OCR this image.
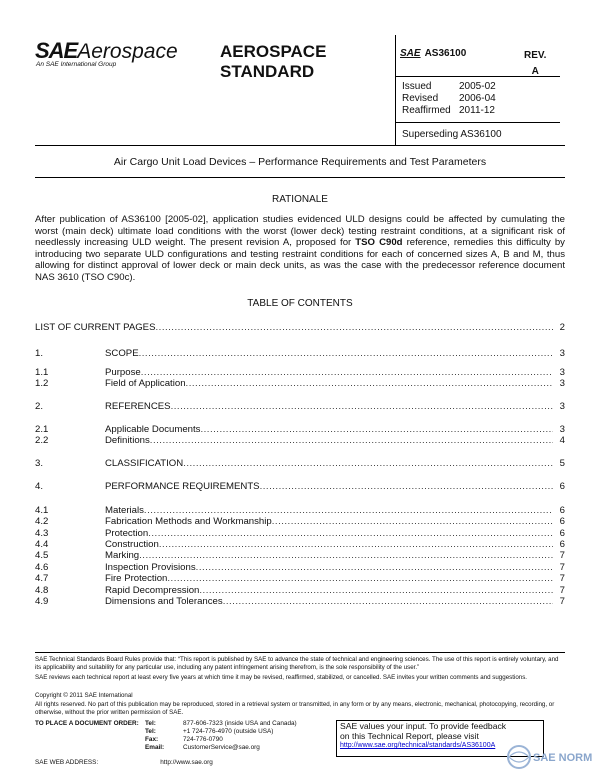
SAEAerospace
An SAE International Group
AEROSPACE
STANDARD
SAE AS36100	REV.
A
Issued	2005-02
Revised	2006-04
Reaffirmed 2011-12
Superseding AS36100
Air Cargo Unit Load Devices – Performance Requirements and Test Parameters
RATIONALE
After publication of AS36100 [2005-02], application studies evidenced ULD designs could be affected by cumulating the worst (main deck) ultimate load conditions with the worst (lower deck) testing restraint conditions, at a significant risk of needlessly increasing ULD weight. The present revision A, proposed for TSO C90d reference, remedies this difficulty by introducing two separate ULD configurations and testing restraint conditions for each of concerned sizes A, B and M, thus allowing for distinct approval of lower deck or main deck units, as was the case with the predecessor reference document NAS 3610 (TSO C90c).
TABLE OF CONTENTS
LIST OF CURRENT PAGES .....	2
1.	SCOPE .....	3
1.1	Purpose .....	3
1.2	Field of Application .....	3
2.	REFERENCES .....	3
2.1	Applicable Documents .....	3
2.2	Definitions .....	4
3.	CLASSIFICATION .....	5
4.	PERFORMANCE REQUIREMENTS .....	6
4.1	Materials .....	6
4.2	Fabrication Methods and Workmanship .....	6
4.3	Protection .....	6
4.4	Construction .....	6
4.5	Marking .....	7
4.6	Inspection Provisions .....	7
4.7	Fire Protection .....	7
4.8	Rapid Decompression .....	7
4.9	Dimensions and Tolerances .....	7
SAE Technical Standards Board Rules provide that: “This report is published by SAE to advance the state of technical and engineering sciences. The use of this report is entirely voluntary, and its applicability and suitability for any particular use, including any patent infringement arising therefrom, is the sole responsibility of the user.”
SAE reviews each technical report at least every five years at which time it may be revised, reaffirmed, stabilized, or cancelled. SAE invites your written comments and suggestions.
Copyright © 2011 SAE International
All rights reserved. No part of this publication may be reproduced, stored in a retrieval system or transmitted, in any form or by any means, electronic, mechanical, photocopying, recording, or otherwise, without the prior written permission of SAE.
TO PLACE A DOCUMENT ORDER: Tel:	877-606-7323 (inside USA and Canada)
Tel:	+1 724-776-4970 (outside USA)
Fax:	724-776-0790
Email:	CustomerService@sae.org
SAE values your input. To provide feedback
on this Technical Report, please visit
http://www.sae.org/technical/standards/AS36100A
SAE WEB ADDRESS:	http://www.sae.org	SAE NORM
